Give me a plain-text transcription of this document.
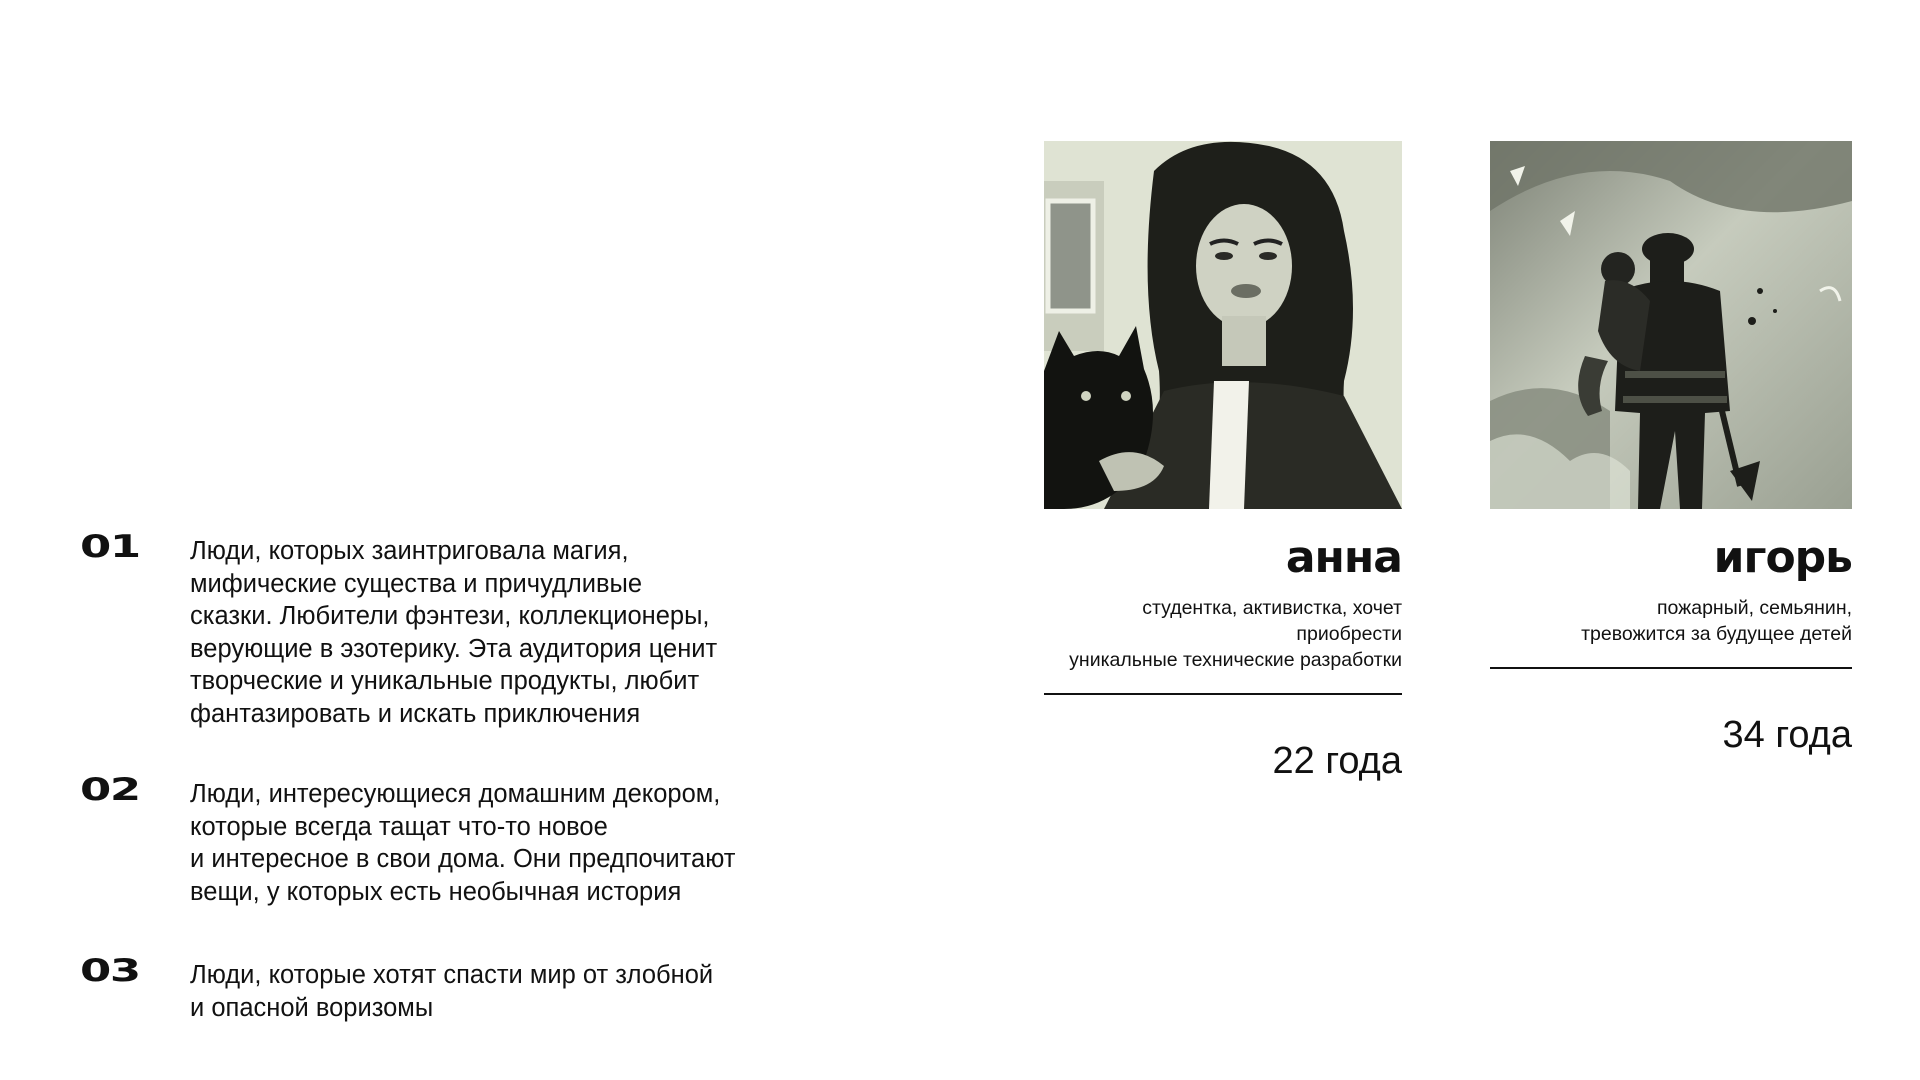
01 Люди, которых заинтриговала магия,
мифические существа и причудливые
сказки. Любители фэнтези, коллекционеры,
верующие в эзотерику. Эта аудитория ценит
творческие и уникальные продукты, любит
фантазировать и искать приключения
02 Люди, интересующиеся домашним декором,
которые всегда тащат что-то новое
и интересное в свои дома. Они предпочитают
вещи, у которых есть необычная история
03 Люди, которые хотят спасти мир от злобной
и опасной воризомы
анна
студентка, активистка, хочет приобрести
уникальные технические разработки
22 года
игорь
пожарный, семьянин,
тревожится за будущее детей
34 года
